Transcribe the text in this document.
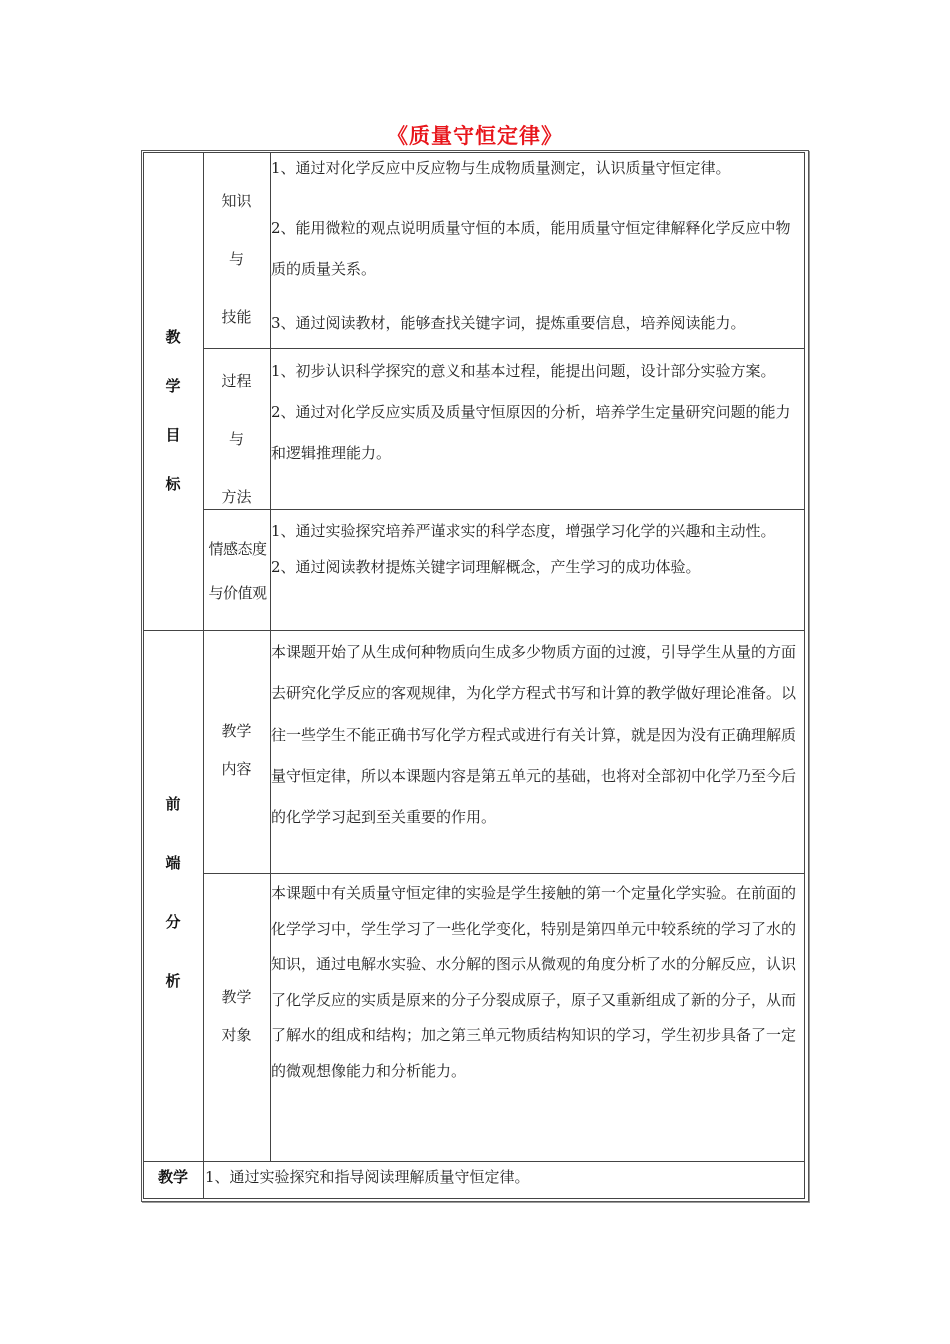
《质量守恒定律》
教
学
目
标
知识
与
技能

1、通过对化学反应中反应物与生成物质量测定，认识质量守恒定律。

2、能用微粒的观点说明质量守恒的本质，能用质量守恒定律解释化学反应中物质的质量关系。

3、通过阅读教材，能够查找关键字词，提炼重要信息，培养阅读能力。

过程
与
方法

1、初步认识科学探究的意义和基本过程，能提出问题，设计部分实验方案。

2、通过对化学反应实质及质量守恒原因的分析，培养学生定量研究问题的能力和逻辑推理能力。

情感态度
与价值观

1、通过实验探究培养严谨求实的科学态度，增强学习化学的兴趣和主动性。

2、通过阅读教材提炼关键字词理解概念，产生学习的成功体验。

前
端
分
析
教学
内容

本课题开始了从生成何种物质向生成多少物质方面的过渡，引导学生从量的方面去研究化学反应的客观规律，为化学方程式书写和计算的教学做好理论准备。以往一些学生不能正确书写化学方程式或进行有关计算，就是因为没有正确理解质量守恒定律，所以本课题内容是第五单元的基础，也将对全部初中化学乃至今后的化学学习起到至关重要的作用。

教学
对象

本课题中有关质量守恒定律的实验是学生接触的第一个定量化学实验。在前面的化学学习中，学生学习了一些化学变化，特别是第四单元中较系统的学习了水的知识，通过电解水实验、水分解的图示从微观的角度分析了水的分解反应，认识了化学反应的实质是原来的分子分裂成原子，原子又重新组成了新的分子，从而了解水的组成和结构；加之第三单元物质结构知识的学习，学生初步具备了一定的微观想像能力和分析能力。

教学	1、通过实验探究和指导阅读理解质量守恒定律。
